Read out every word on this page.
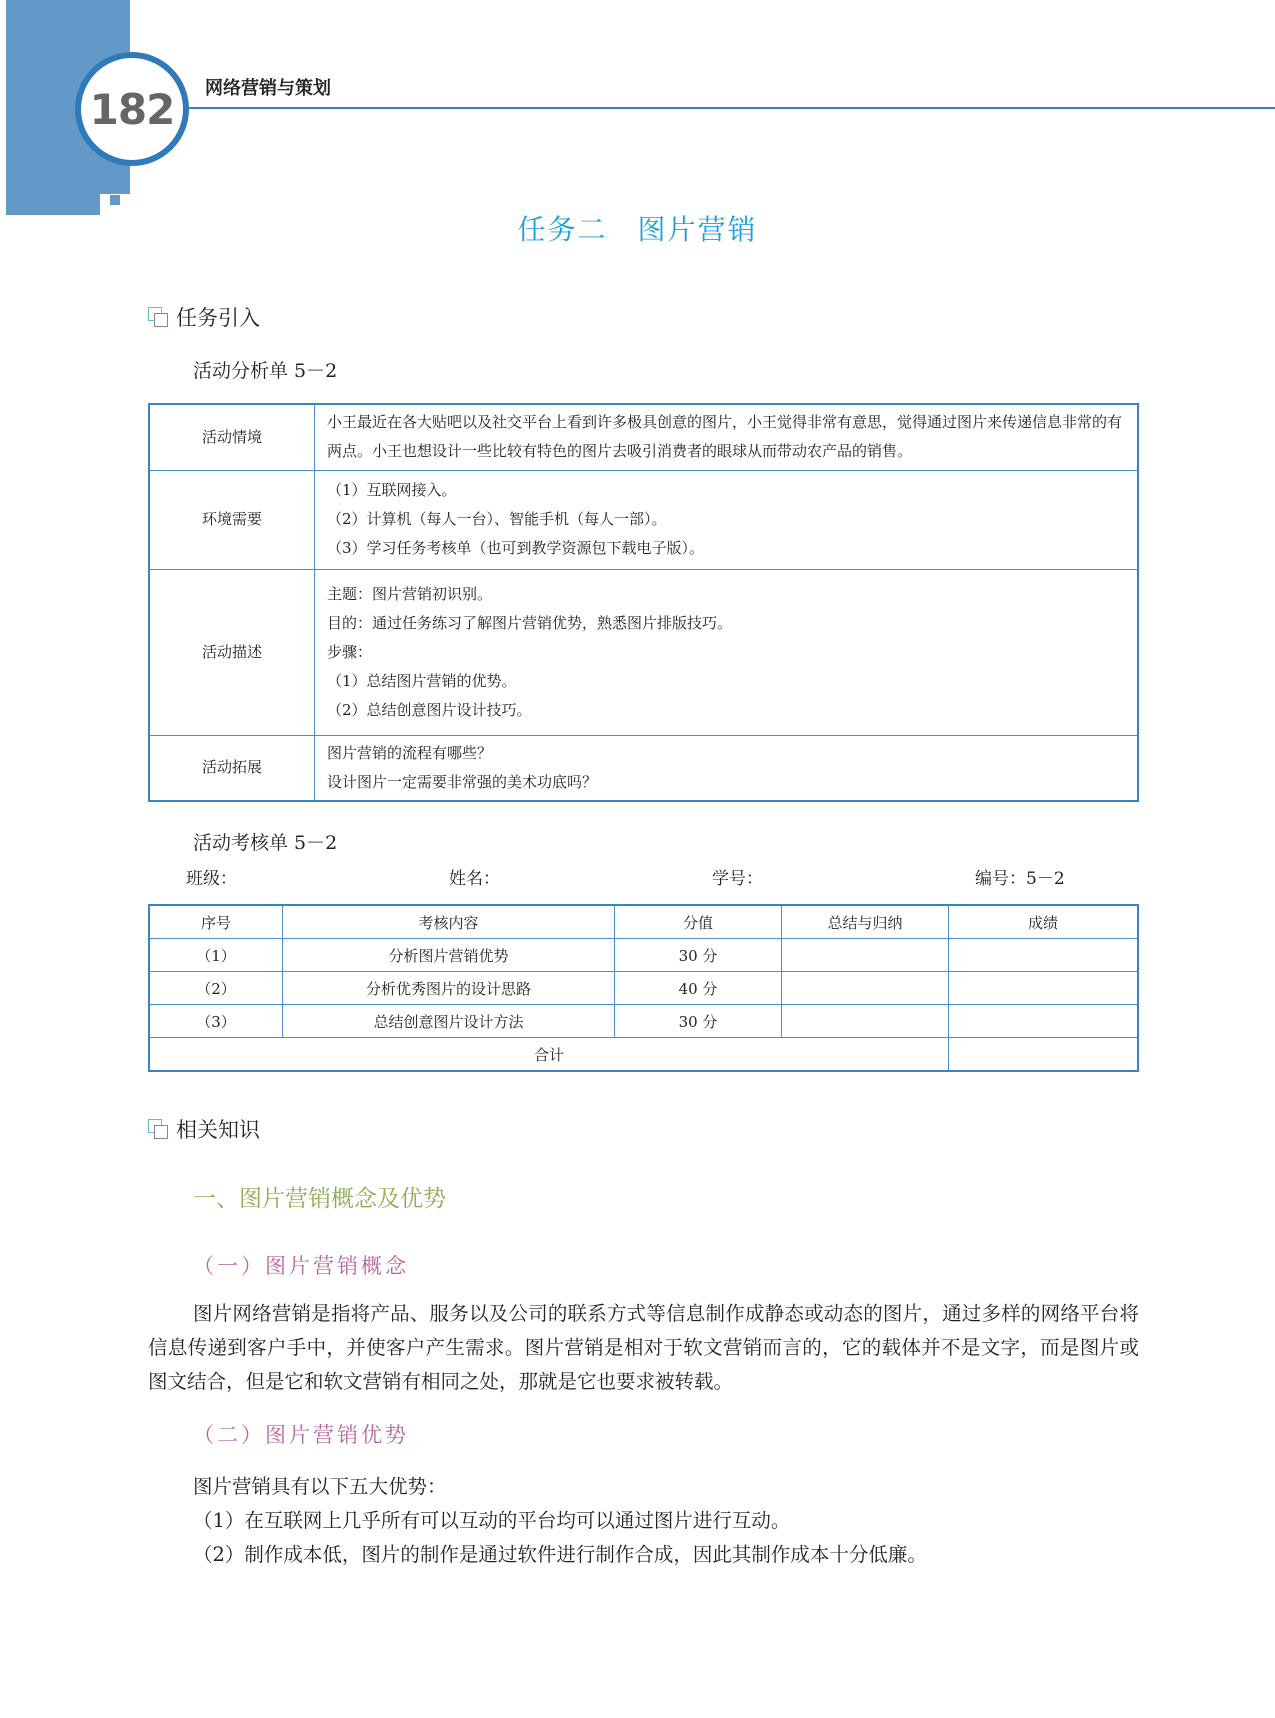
182	网络营销与策划
任务二　图片营销
任务引入
活动分析单 5－2
活动情境	小王最近在各大贴吧以及社交平台上看到许多极具创意的图片，小王觉得非常有意思，觉得通过图片来传递信息非常的有两点。小王也想设计一些比较有特色的图片去吸引消费者的眼球从而带动农产品的销售。

环境需要	（1）互联网接入。
（2）计算机（每人一台）、智能手机（每人一部）。
（3）学习任务考核单（也可到教学资源包下载电子版）。

活动描述	主题：图片营销初识别。
目的：通过任务练习了解图片营销优势，熟悉图片排版技巧。
步骤：
（1）总结图片营销的优势。
（2）总结创意图片设计技巧。

活动拓展	图片营销的流程有哪些？
设计图片一定需要非常强的美术功底吗？
活动考核单 5－2
班级：	姓名：	学号：	编号：5－2
序号	考核内容	分值	总结与归纳	成绩
（1）	分析图片营销优势	30 分		
（2）	分析优秀图片的设计思路	40 分		
（3）	总结创意图片设计方法	30 分		
合计				
相关知识
一、图片营销概念及优势
（一）图片营销概念
图片网络营销是指将产品、服务以及公司的联系方式等信息制作成静态或动态的图片，通过多样的网络平台将信息传递到客户手中，并使客户产生需求。图片营销是相对于软文营销而言的，它的载体并不是文字，而是图片或图文结合，但是它和软文营销有相同之处，那就是它也要求被转载。
（二）图片营销优势
图片营销具有以下五大优势：
（1）在互联网上几乎所有可以互动的平台均可以通过图片进行互动。
（2）制作成本低，图片的制作是通过软件进行制作合成，因此其制作成本十分低廉。
